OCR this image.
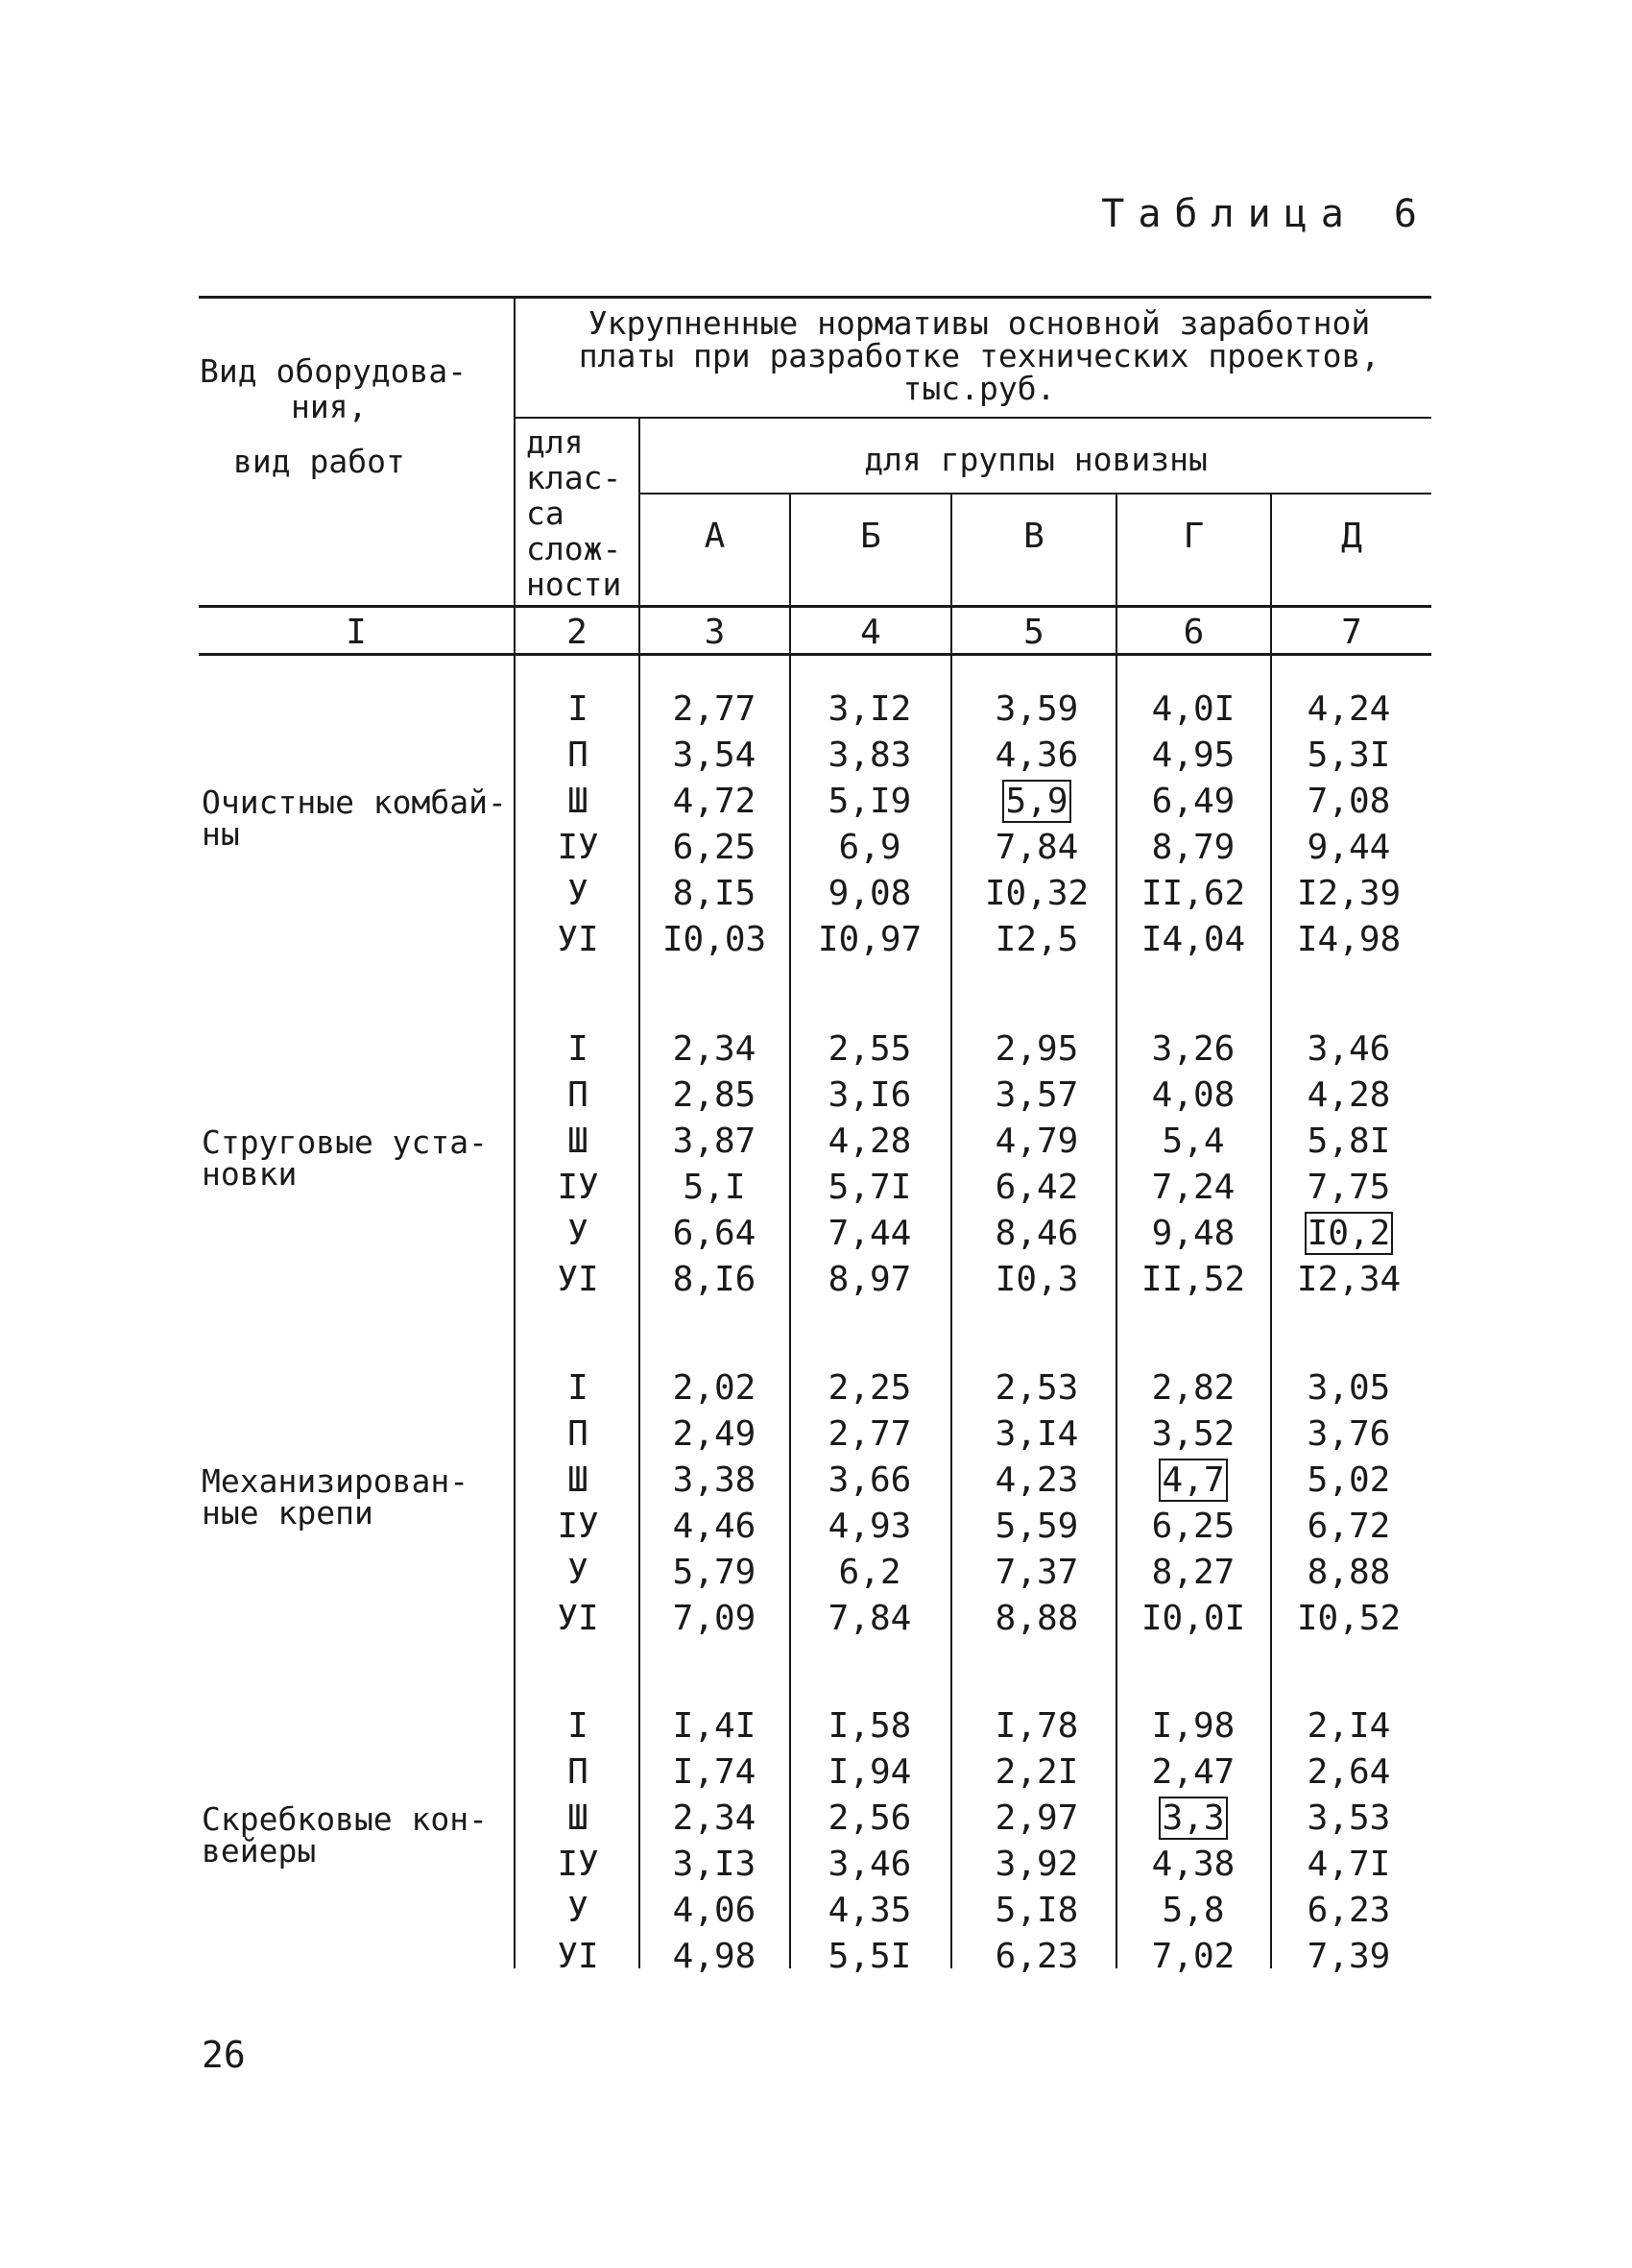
Таблица 6
Вид оборудова-
ния,
вид работ
Укрупненные нормативы основной заработной
платы при разработке технических проектов,
тыс.руб.
для
клас-
са
слож-
ности
для группы новизны
А	Б	В	Г	Д
I	2	3	4	5	6	7
Очистные комбай-
ны
I	2,77	3,I2	3,59	4,0I	4,24
П	3,54	3,83	4,36	4,95	5,3I
Ш	4,72	5,I9	5,9	6,49	7,08
IУ	6,25	6,9	7,84	8,79	9,44
У	8,I5	9,08	I0,32	II,62	I2,39
УI	I0,03	I0,97	I2,5	I4,04	I4,98
Струговые уста-
новки
I	2,34	2,55	2,95	3,26	3,46
П	2,85	3,I6	3,57	4,08	4,28
Ш	3,87	4,28	4,79	5,4	5,8I
IУ	5,I	5,7I	6,42	7,24	7,75
У	6,64	7,44	8,46	9,48	I0,2
УI	8,I6	8,97	I0,3	II,52	I2,34
Механизирован-
ные крепи
I	2,02	2,25	2,53	2,82	3,05
П	2,49	2,77	3,I4	3,52	3,76
Ш	3,38	3,66	4,23	4,7	5,02
IУ	4,46	4,93	5,59	6,25	6,72
У	5,79	6,2	7,37	8,27	8,88
УI	7,09	7,84	8,88	I0,0I	I0,52
Скребковые кон-
вейеры
I	I,4I	I,58	I,78	I,98	2,I4
П	I,74	I,94	2,2I	2,47	2,64
Ш	2,34	2,56	2,97	3,3	3,53
IУ	3,I3	3,46	3,92	4,38	4,7I
У	4,06	4,35	5,I8	5,8	6,23
УI	4,98	5,5I	6,23	7,02	7,39
26
